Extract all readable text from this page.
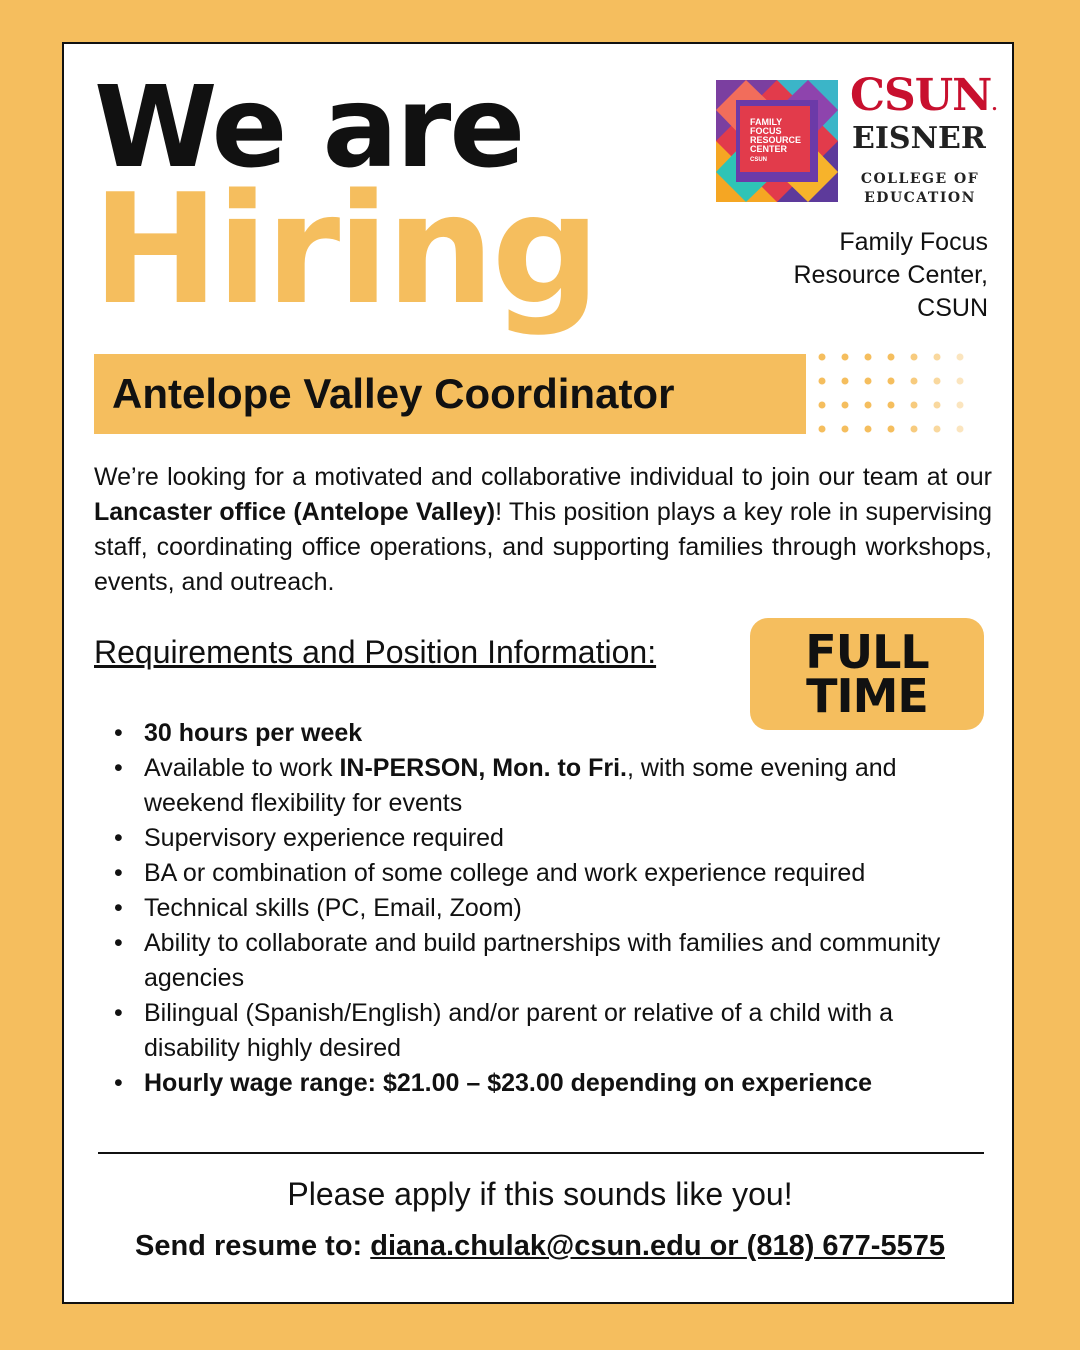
We are
Hiring
FAMILY FOCUS RESOURCE CENTER
CSUN
CSUN.
EISNER
COLLEGE OF
EDUCATION
Family Focus
Resource Center,
CSUN
Antelope Valley Coordinator

We’re looking for a motivated and collaborative individual to join our team at our Lancaster office (Antelope Valley)! This position plays a key role in supervising staff, coordinating office operations, and supporting families through workshops, events, and outreach.

Requirements and Position Information:	FULL
TIME
• 30 hours per week
• Available to work IN-PERSON, Mon. to Fri., with some evening and weekend flexibility for events
• Supervisory experience required
• BA or combination of some college and work experience required
• Technical skills (PC, Email, Zoom)
• Ability to collaborate and build partnerships with families and community agencies
• Bilingual (Spanish/English) and/or parent or relative of a child with a disability highly desired
• Hourly wage range: $21.00 – $23.00 depending on experience
Please apply if this sounds like you!
Send resume to: diana.chulak@csun.edu or (818) 677-5575
